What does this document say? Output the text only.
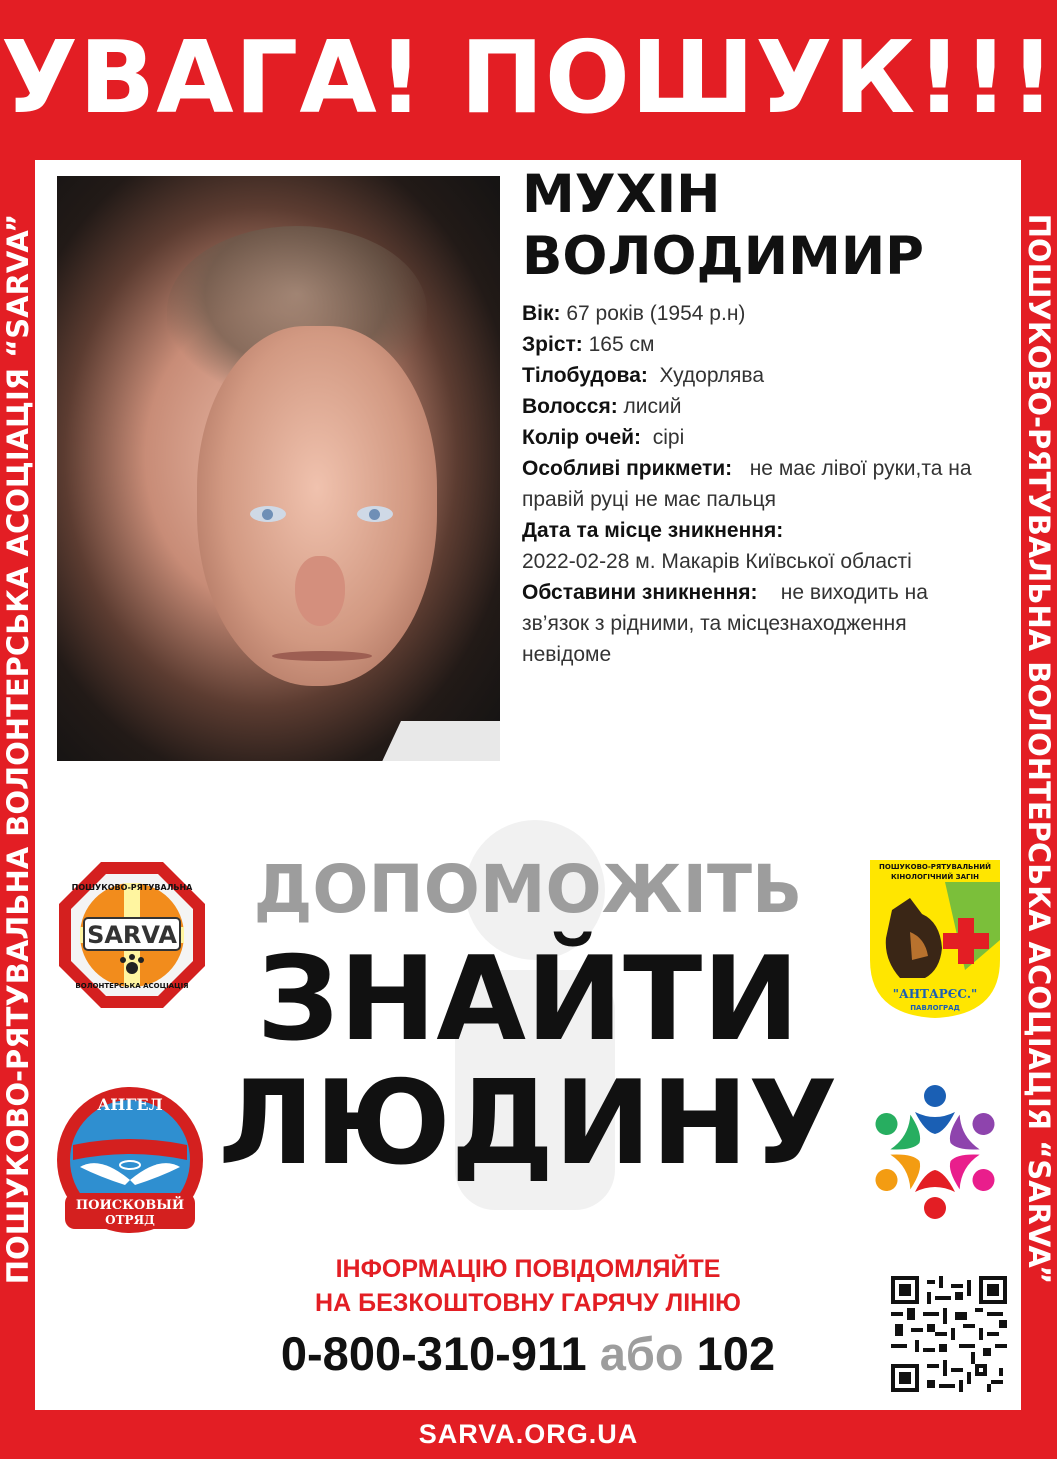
УВАГА! ПОШУК!!!
ПОШУКОВО-РЯТУВАЛЬНА ВОЛОНТЕРСЬКА АСОЦІАЦІЯ “SARVA”	ПОШУКОВО-РЯТУВАЛЬНА ВОЛОНТЕРСЬКА АСОЦІАЦІЯ “SARVA”
МУХІН
ВОЛОДИМИР
Вік: 67 років (1954 р.н)
Зріст: 165 см
Тілобудова: Худорлява
Волосся: лисий
Колір очей: сірі
Особливі прикмети: не має лівої руки,та на правій руці не має пальця
Дата та місце зникнення:
2022-02-28 м. Макарів Київської області
Обставини зникнення: не виходить на зв’язок з рідними, та місцезнаходження невідоме
SARVA
ПОШУКОВО-РЯТУВАЛЬНА
ВОЛОНТЕРСЬКА АСОЦІАЦІЯ
ПОШУКОВО-РЯТУВАЛЬНИЙ
КІНОЛОГІЧНИЙ ЗАГІН
"АНТАРЄС."
ПАВЛОГРАД
АНГЕЛ
ПОИСКОВЫЙ
ОТРЯД
ДОПОМОЖІТЬ
ЗНАЙТИ
ЛЮДИНУ
ІНФОРМАЦІЮ ПОВІДОМЛЯЙТЕ
НА БЕЗКОШТОВНУ ГАРЯЧУ ЛІНІЮ
0-800-310-911 або 102
SARVA.ORG.UA
